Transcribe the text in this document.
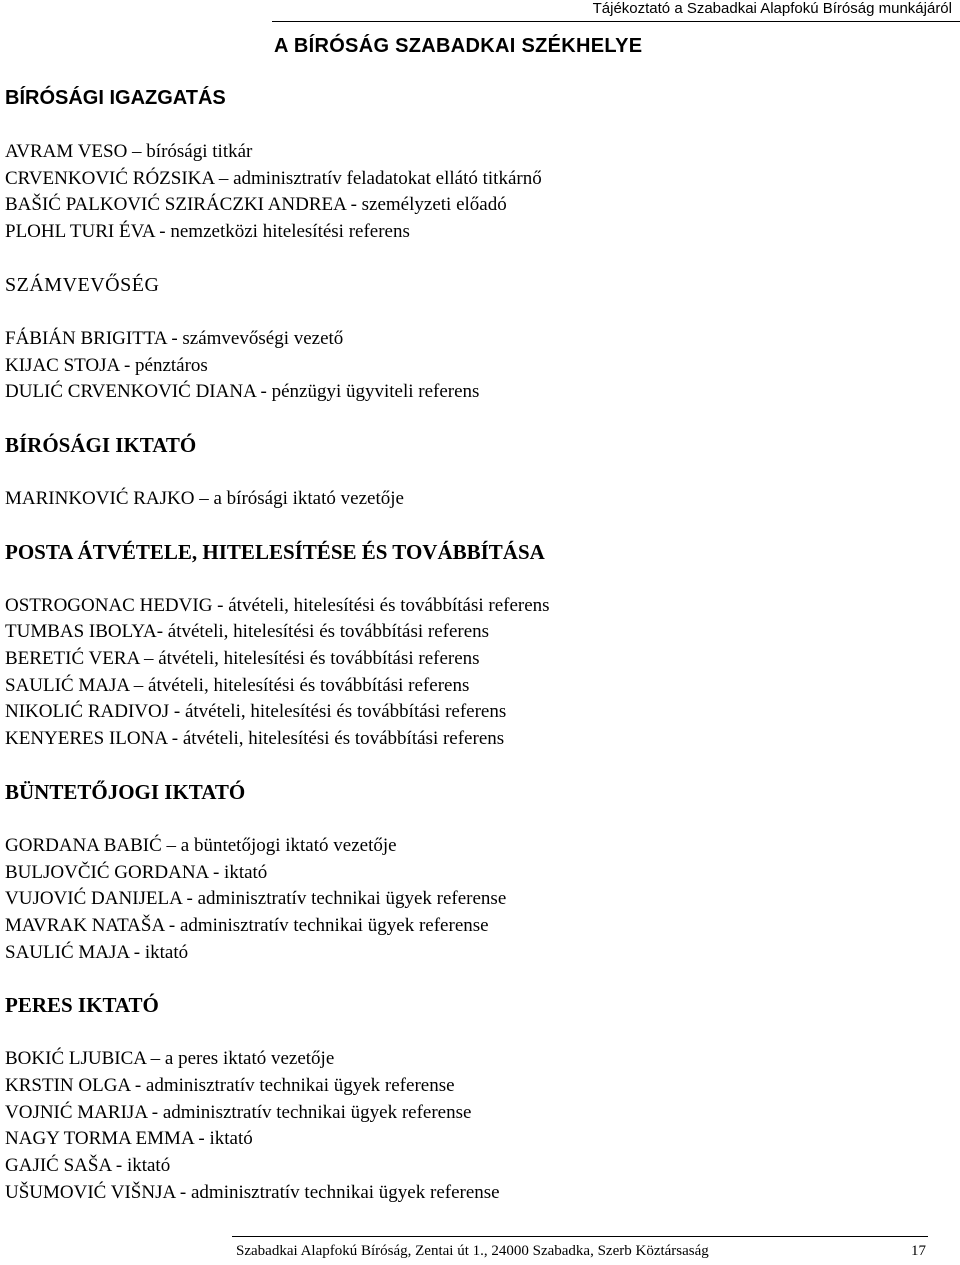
Tájékoztató a Szabadkai Alapfokú Bíróság munkájáról
A BÍRÓSÁG SZABADKAI SZÉKHELYE
BÍRÓSÁGI IGAZGATÁS
AVRAM VESO – bírósági titkár
CRVENKOVIĆ RÓZSIKA – adminisztratív feladatokat ellátó titkárnő
BAŠIĆ PALKOVIĆ SZIRÁCZKI ANDREA - személyzeti előadó
PLOHL TURI ÉVA - nemzetközi hitelesítési referens
SZÁMVEVŐSÉG
FÁBIÁN BRIGITTA - számvevőségi vezető
KIJAC STOJA - pénztáros
DULIĆ CRVENKOVIĆ DIANA - pénzügyi ügyviteli referens
BÍRÓSÁGI IKTATÓ
MARINKOVIĆ RAJKO – a bírósági iktató vezetője
POSTA ÁTVÉTELE, HITELESÍTÉSE ÉS TOVÁBBÍTÁSA
OSTROGONAC HEDVIG - átvételi, hitelesítési és továbbítási referens
TUMBAS IBOLYA- átvételi, hitelesítési és továbbítási referens
BERETIĆ VERA – átvételi, hitelesítési és továbbítási referens
SAULIĆ MAJA – átvételi, hitelesítési és továbbítási referens
NIKOLIĆ RADIVOJ - átvételi, hitelesítési és továbbítási referens
KENYERES ILONA - átvételi, hitelesítési és továbbítási referens
BÜNTETŐJOGI IKTATÓ
GORDANA BABIĆ – a büntetőjogi iktató vezetője
BULJOVČIĆ GORDANA - iktató
VUJOVIĆ DANIJELA - adminisztratív technikai ügyek referense
MAVRAK NATAŠA - adminisztratív technikai ügyek referense
SAULIĆ MAJA - iktató
PERES IKTATÓ
BOKIĆ LJUBICA – a peres iktató vezetője
KRSTIN OLGA - adminisztratív technikai ügyek referense
VOJNIĆ MARIJA - adminisztratív technikai ügyek referense
NAGY TORMA EMMA - iktató
GAJIĆ SAŠA - iktató
UŠUMOVIĆ VIŠNJA - adminisztratív technikai ügyek referense
Szabadkai Alapfokú Bíróság, Zentai út 1., 24000 Szabadka, Szerb Köztársaság	17
